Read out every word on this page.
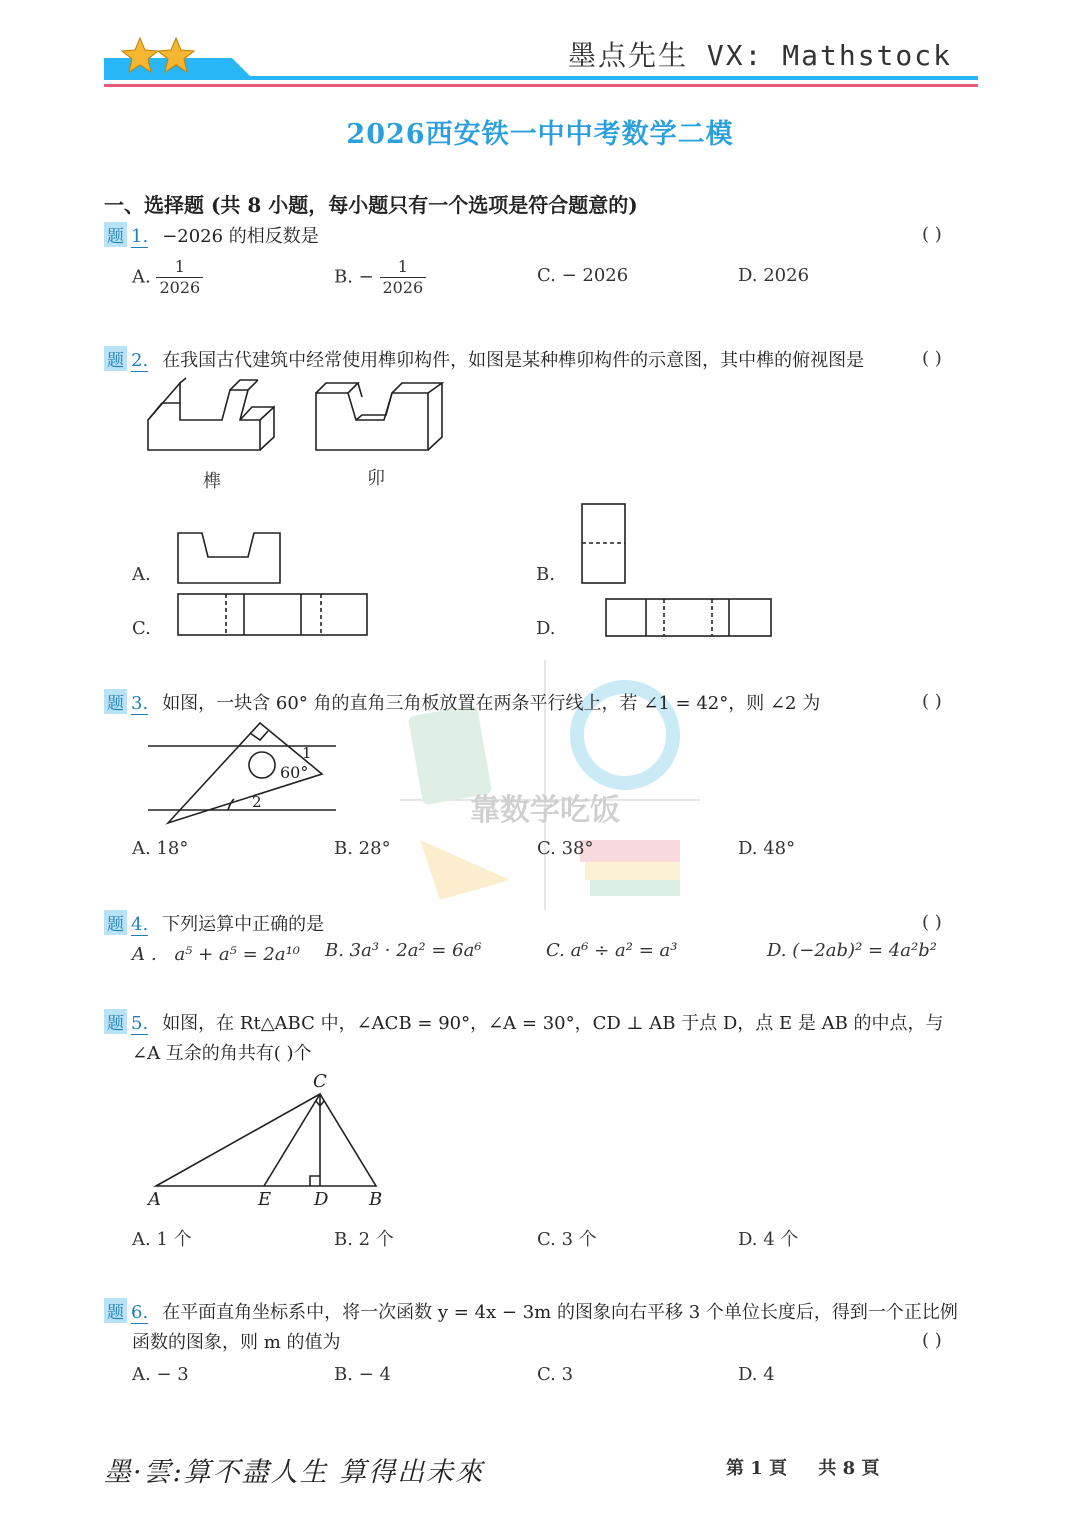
墨点先生 VX: Mathstock
2026西安铁一中中考数学二模
一、选择题 (共 8 小题，每小题只有一个选项是符合题意的)
靠数学吃饭
题 1. −2026 的相反数是	( )
A. $\frac{1}{2026}$	B. − $\frac{1}{2026}$	C. − 2026	D. 2026
题 2. 在我国古代建筑中经常使用榫卯构件，如图是某种榫卯构件的示意图，其中榫的俯视图是	( )
榫	卯
A.	B.
C.	D.
题 3. 如图，一块含 60° 角的直角三角板放置在两条平行线上，若 ∠1 = 42°，则 ∠2 为	( )
60°
1
2
A. 18°	B. 28°	C. 38°	D. 48°
题 4. 下列运算中正确的是	( )
A ． a⁵ + a⁵ = 2a¹⁰ B. 3a³ · 2a² = 6a⁶	C. a⁶ ÷ a² = a³	D. (−2ab)² = 4a²b²
题 5. 如图，在 Rt△ABC 中，∠ACB = 90°，∠A = 30°，CD ⊥ AB 于点 D，点 E 是 AB 的中点，与
∠A 互余的角共有( )个
C
A	E D B
A. 1 个	B. 2 个	C. 3 个	D. 4 个
题 6. 在平面直角坐标系中，将一次函数 y = 4x − 3m 的图象向右平移 3 个单位长度后，得到一个正比例
函数的图象，则 m 的值为	( )
A. − 3	B. − 4	C. 3	D. 4
墨·雲:算不盡人生 算得出未來	第 1 頁 共 8 頁
